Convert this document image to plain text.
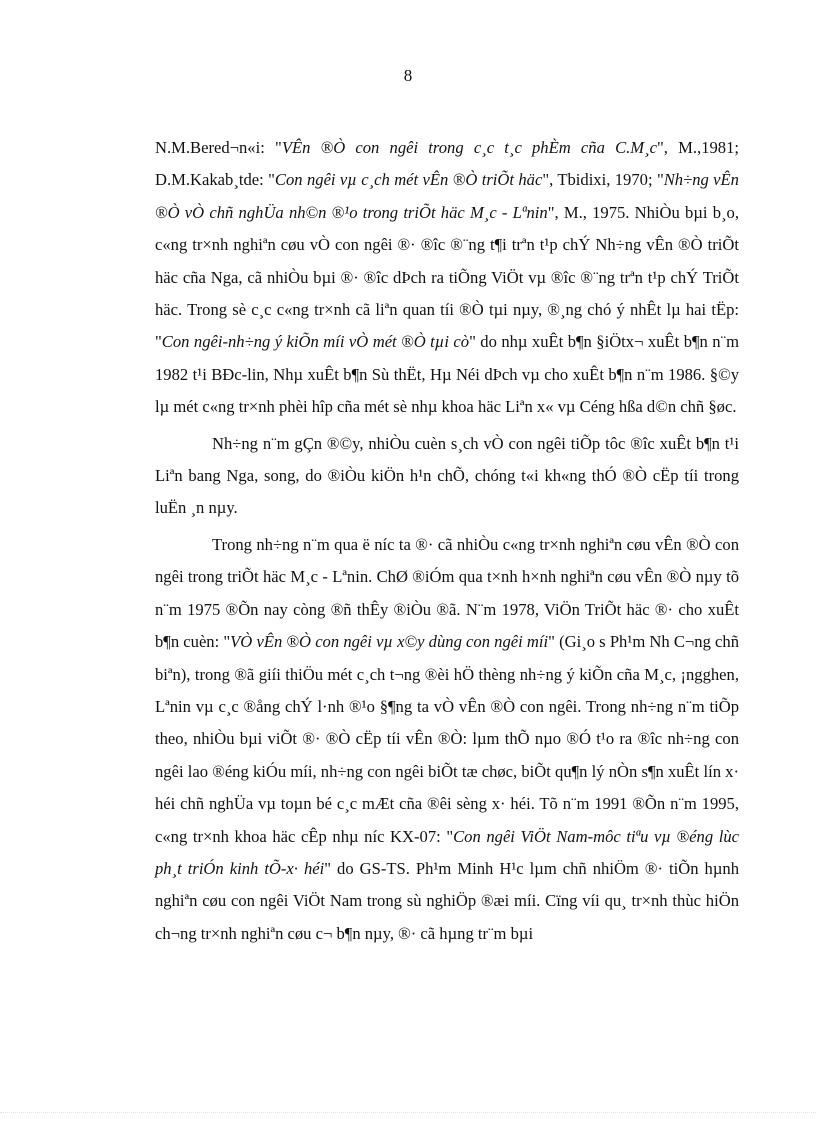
8

N.M.Bered¬n«i: "VÊn ®Ò con ngêi trong c¸c t¸c phÈm cña C.M¸c", M.,1981; D.M.Kakab¸tde: "Con ngêi vµ c¸ch mét vÊn ®Ò triÕt häc", Tbidixi, 1970; "Nh÷ng vÊn ®Ò vÒ chñ nghÜa nh©n ®¹o trong triÕt häc M¸c - Lªnin", M., 1975. NhiÒu bµi b¸o, c«ng tr×nh nghiªn cøu vÒ con ngêi ®· ®îc ®¨ng t¶i trªn t¹p chÝ Nh÷ng vÊn ®Ò triÕt häc cña Nga, cã nhiÒu bµi ®· ®îc dÞch ra tiÕng ViÖt vµ ®îc ®¨ng trªn t¹p chÝ TriÕt häc. Trong sè c¸c c«ng tr×nh cã liªn quan tíi ®Ò tµi nµy, ®¸ng chó ý nhÊt lµ hai tËp: "Con ngêi-nh÷ng ý kiÕn míi vÒ mét ®Ò tµi cò" do nhµ xuÊt b¶n §iÖtx¬ xuÊt b¶n n¨m 1982 t¹i BÐc-lin, Nhµ xuÊt b¶n Sù thËt, Hµ Néi dÞch vµ cho xuÊt b¶n n¨m 1986. §©y lµ mét c«ng tr×nh phèi hîp cña mét sè nhµ khoa häc Liªn x« vµ Céng hßa d©n chñ §øc.

Nh÷ng n¨m gÇn ®©y, nhiÒu cuèn s¸ch vÒ con ngêi tiÕp tôc ®îc xuÊt b¶n t¹i Liªn bang Nga, song, do ®iÒu kiÖn h¹n chÕ, chóng t«i kh«ng thÓ ®Ò cËp tíi trong luËn ¸n nµy.

Trong nh÷ng n¨m qua ë níc ta ®· cã nhiÒu c«ng tr×nh nghiªn cøu vÊn ®Ò con ngêi trong triÕt häc M¸c - Lªnin. ChØ ®iÓm qua t×nh h×nh nghiªn cøu vÊn ®Ò nµy tõ n¨m 1975 ®Õn nay còng ®ñ thÊy ®iÒu ®ã. N¨m 1978, ViÖn TriÕt häc ®· cho xuÊt b¶n cuèn: "VÒ vÊn ®Ò con ngêi vµ x©y dùng con ngêi míi" (Gi¸o s Ph¹m Nh C¬ng chñ biªn), trong ®ã giíi thiÖu mét c¸ch t¬ng ®èi hÖ thèng nh÷ng ý kiÕn cña M¸c, ¡ngghen, Lªnin vµ c¸c ®ång chÝ l·nh ®¹o §¶ng ta vÒ vÊn ®Ò con ngêi. Trong nh÷ng n¨m tiÕp theo, nhiÒu bµi viÕt ®· ®Ò cËp tíi vÊn ®Ò: lµm thÕ nµo ®Ó t¹o ra ®îc nh÷ng con ngêi lao ®éng kiÓu míi, nh÷ng con ngêi biÕt tæ chøc, biÕt qu¶n lý nÒn s¶n xuÊt lín x· héi chñ nghÜa vµ toµn bé c¸c mÆt cña ®êi sèng x· héi. Tõ n¨m 1991 ®Õn n¨m 1995, c«ng tr×nh khoa häc cÊp nhµ níc KX-07: "Con ngêi ViÖt Nam-môc tiªu vµ ®éng lùc ph¸t triÓn kinh tÕ-x· héi" do GS-TS. Ph¹m Minh H¹c lµm chñ nhiÖm ®· tiÕn hµnh nghiªn cøu con ngêi ViÖt Nam trong sù nghiÖp ®æi míi. Cïng víi qu¸ tr×nh thùc hiÖn ch¬ng tr×nh nghiªn cøu c¬ b¶n nµy, ®· cã hµng tr¨m bµi
